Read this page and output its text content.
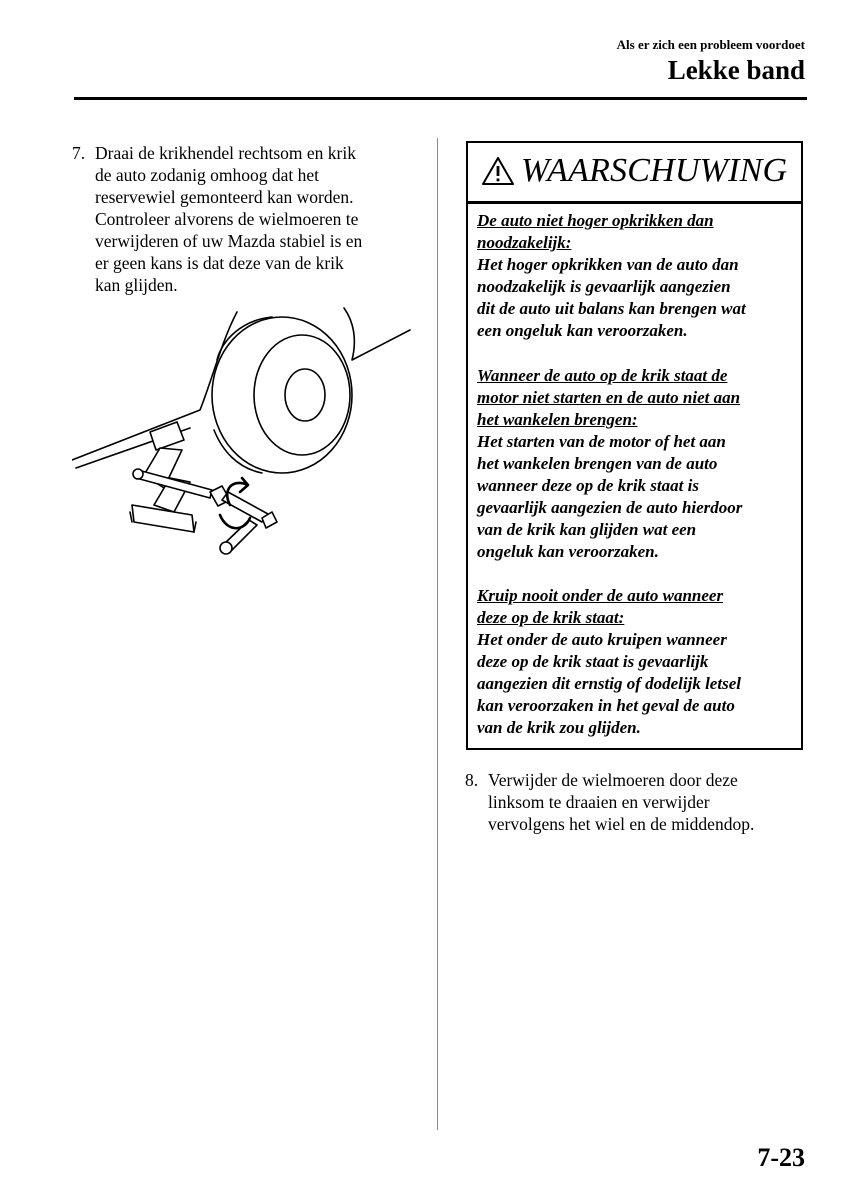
Als er zich een probleem voordoet
Lekke band
7. Draai de krikhendel rechtsom en krik
de auto zodanig omhoog dat het
reservewiel gemonteerd kan worden.
Controleer alvorens de wielmoeren te
verwijderen of uw Mazda stabiel is en
er geen kans is dat deze van de krik
kan glijden.
WAARSCHUWING
De auto niet hoger opkrikken dan
noodzakelijk:
Het hoger opkrikken van de auto dan
noodzakelijk is gevaarlijk aangezien
dit de auto uit balans kan brengen wat
een ongeluk kan veroorzaken.
Wanneer de auto op de krik staat de
motor niet starten en de auto niet aan
het wankelen brengen:
Het starten van de motor of het aan
het wankelen brengen van de auto
wanneer deze op de krik staat is
gevaarlijk aangezien de auto hierdoor
van de krik kan glijden wat een
ongeluk kan veroorzaken.
Kruip nooit onder de auto wanneer
deze op de krik staat:
Het onder de auto kruipen wanneer
deze op de krik staat is gevaarlijk
aangezien dit ernstig of dodelijk letsel
kan veroorzaken in het geval de auto
van de krik zou glijden.
8. Verwijder de wielmoeren door deze
linksom te draaien en verwijder
vervolgens het wiel en de middendop.
7-23
